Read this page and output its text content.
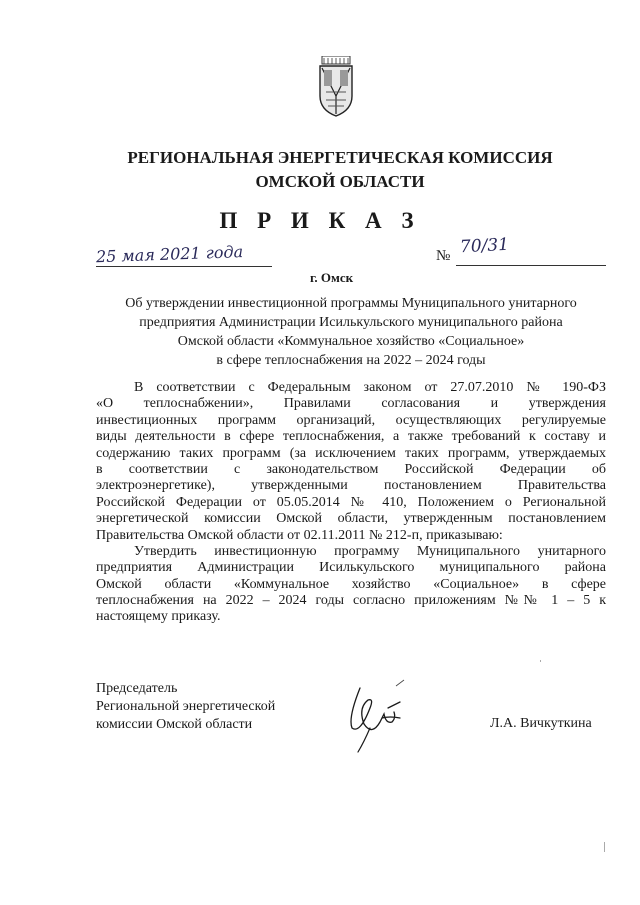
РЕГИОНАЛЬНАЯ ЭНЕРГЕТИЧЕСКАЯ КОМИССИЯ
ОМСКОЙ ОБЛАСТИ
П Р И К А З
25 мая 2021 года	№ 70/31
г. Омск
Об утверждении инвестиционной программы Муниципального унитарного
предприятия Администрации Исилькульского муниципального района
Омской области «Коммунальное хозяйство «Социальное»
в сфере теплоснабжения на 2022 – 2024 годы
В соответствии с Федеральным законом от 27.07.2010 № 190-ФЗ
«О теплоснабжении», Правилами согласования и утверждения
инвестиционных программ организаций, осуществляющих регулируемые
виды деятельности в сфере теплоснабжения, а также требований к составу и
содержанию таких программ (за исключением таких программ, утверждаемых
в соответствии с законодательством Российской Федерации об
электроэнергетике), утвержденными постановлением Правительства
Российской Федерации от 05.05.2014 № 410, Положением о Региональной
энергетической комиссии Омской области, утвержденным постановлением
Правительства Омской области от 02.11.2011 № 212-п, приказываю:
Утвердить инвестиционную программу Муниципального унитарного
предприятия Администрации Исилькульского муниципального района
Омской области «Коммунальное хозяйство «Социальное» в сфере
теплоснабжения на 2022 – 2024 годы согласно приложениям №№ 1 – 5 к
настоящему приказу.
Председатель
Региональной энергетической
комиссии Омской области	Л.А. Вичкуткина
